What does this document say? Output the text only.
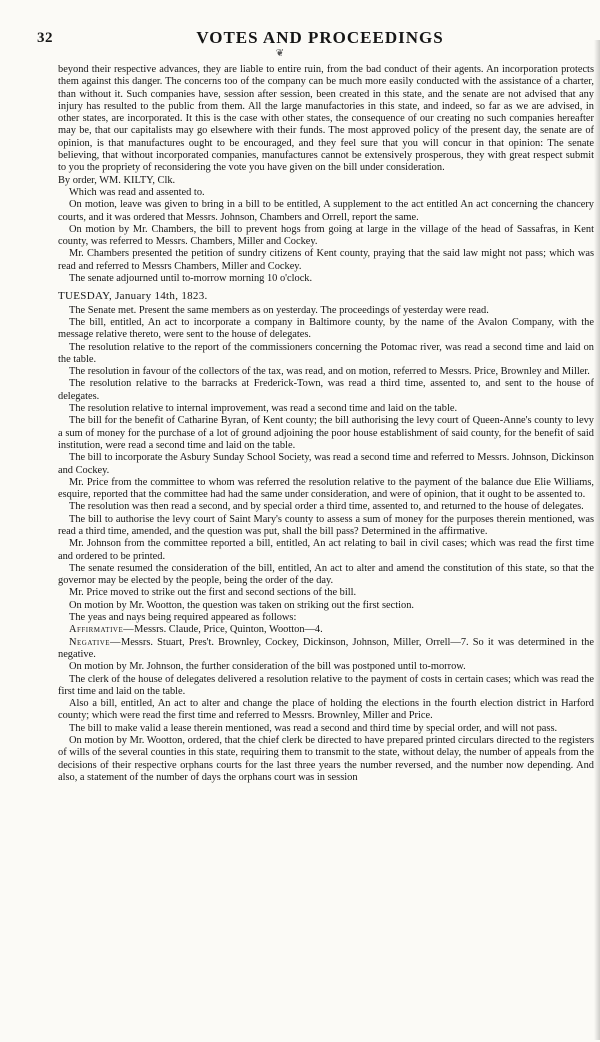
32	VOTES AND PROCEEDINGS
❦

beyond their respective advances, they are liable to entire ruin, from the bad conduct of their agents. An incorporation protects them against this danger. The concerns too of the company can be much more easily conducted with the assistance of a charter, than without it. Such companies have, session after session, been created in this state, and the senate are not advised that any injury has resulted to the public from them. All the large manufactories in this state, and indeed, so far as we are advised, in other states, are incorporated. It this is the case with other states, the consequence of our creating no such companies hereafter may be, that our capitalists may go elsewhere with their funds. The most approved policy of the present day, the senate are of opinion, is that manufactures ought to be encouraged, and they feel sure that you will concur in that opinion: The senate believing, that without incorporated companies, manufactures cannot be extensively prosperous, they with great respect submit to you the propriety of reconsidering the vote you have given on the bill under consideration.

By order, WM. KILTY, Clk.

Which was read and assented to.

On motion, leave was given to bring in a bill to be entitled, A supplement to the act entitled An act concerning the chancery courts, and it was ordered that Messrs. Johnson, Chambers and Orrell, report the same.

On motion by Mr. Chambers, the bill to prevent hogs from going at large in the village of the head of Sassafras, in Kent county, was referred to Messrs. Chambers, Miller and Cockey.

Mr. Chambers presented the petition of sundry citizens of Kent county, praying that the said law might not pass; which was read and referred to Messrs Chambers, Miller and Cockey.

The senate adjourned until to-morrow morning 10 o'clock.

TUESDAY, January 14th, 1823.

The Senate met. Present the same members as on yesterday. The proceedings of yesterday were read.

The bill, entitled, An act to incorporate a company in Baltimore county, by the name of the Avalon Company, with the message relative thereto, were sent to the house of delegates.

The resolution relative to the report of the commissioners concerning the Potomac river, was read a second time and laid on the table.

The resolution in favour of the collectors of the tax, was read, and on motion, referred to Messrs. Price, Brownley and Miller.

The resolution relative to the barracks at Frederick-Town, was read a third time, assented to, and sent to the house of delegates.

The resolution relative to internal improvement, was read a second time and laid on the table.

The bill for the benefit of Catharine Byran, of Kent county; the bill authorising the levy court of Queen-Anne's county to levy a sum of money for the purchase of a lot of ground adjoining the poor house establishment of said county, for the benefit of said institution, were read a second time and laid on the table.

The bill to incorporate the Asbury Sunday School Society, was read a second time and referred to Messrs. Johnson, Dickinson and Cockey.

Mr. Price from the committee to whom was referred the resolution relative to the payment of the balance due Elie Williams, esquire, reported that the committee had had the same under consideration, and were of opinion, that it ought to be assented to.

The resolution was then read a second, and by special order a third time, assented to, and returned to the house of delegates.

The bill to authorise the levy court of Saint Mary's county to assess a sum of money for the purposes therein mentioned, was read a third time, amended, and the question was put, shall the bill pass? Determined in the affirmative.

Mr. Johnson from the committee reported a bill, entitled, An act relating to bail in civil cases; which was read the first time and ordered to be printed.

The senate resumed the consideration of the bill, entitled, An act to alter and amend the constitution of this state, so that the governor may be elected by the people, being the order of the day.

Mr. Price moved to strike out the first and second sections of the bill.

On motion by Mr. Wootton, the question was taken on striking out the first section.

The yeas and nays being required appeared as follows:

Affirmative—Messrs. Claude, Price, Quinton, Wootton—4.

Negative—Messrs. Stuart, Pres't. Brownley, Cockey, Dickinson, Johnson, Miller, Orrell—7. So it was determined in the negative.

On motion by Mr. Johnson, the further consideration of the bill was postponed until to-morrow.

The clerk of the house of delegates delivered a resolution relative to the payment of costs in certain cases; which was read the first time and laid on the table.

Also a bill, entitled, An act to alter and change the place of holding the elections in the fourth election district in Harford county; which were read the first time and referred to Messrs. Brownley, Miller and Price.

The bill to make valid a lease therein mentioned, was read a second and third time by special order, and will not pass.

On motion by Mr. Wootton, ordered, that the chief clerk be directed to have prepared printed circulars directed to the registers of wills of the several counties in this state, requiring them to transmit to the state, without delay, the number of appeals from the decisions of their respective orphans courts for the last three years the number reversed, and the number now depending. And also, a statement of the number of days the orphans court was in session
